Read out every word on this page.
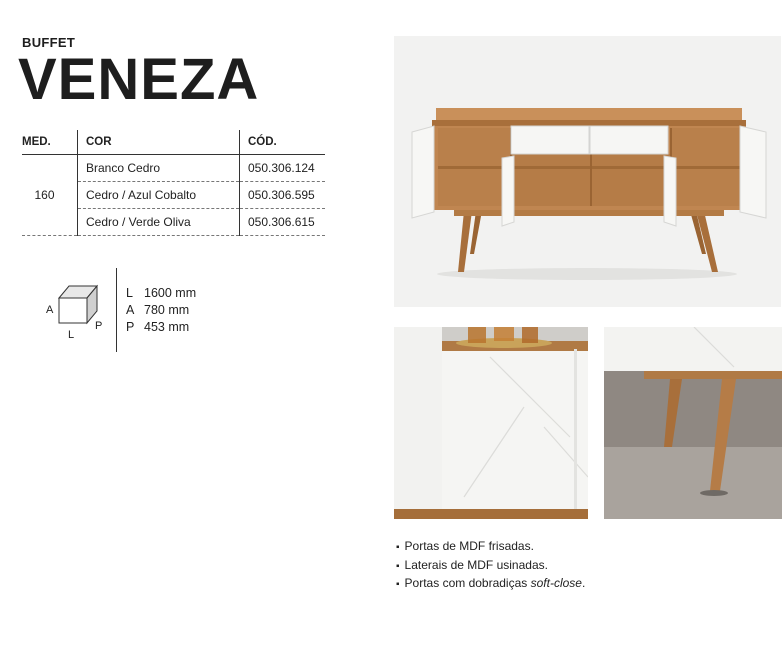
BUFFET
VENEZA
MED.	COR	CÓD.
160	Branco Cedro	050.306.124
	Cedro / Azul Cobalto	050.306.595
	Cedro / Verde Oliva	050.306.615
A
L
P
L 1600 mm
A 780 mm
P 453 mm
▪ Portas de MDF frisadas.
▪ Laterais de MDF usinadas.
▪ Portas com dobradiças soft-close.
